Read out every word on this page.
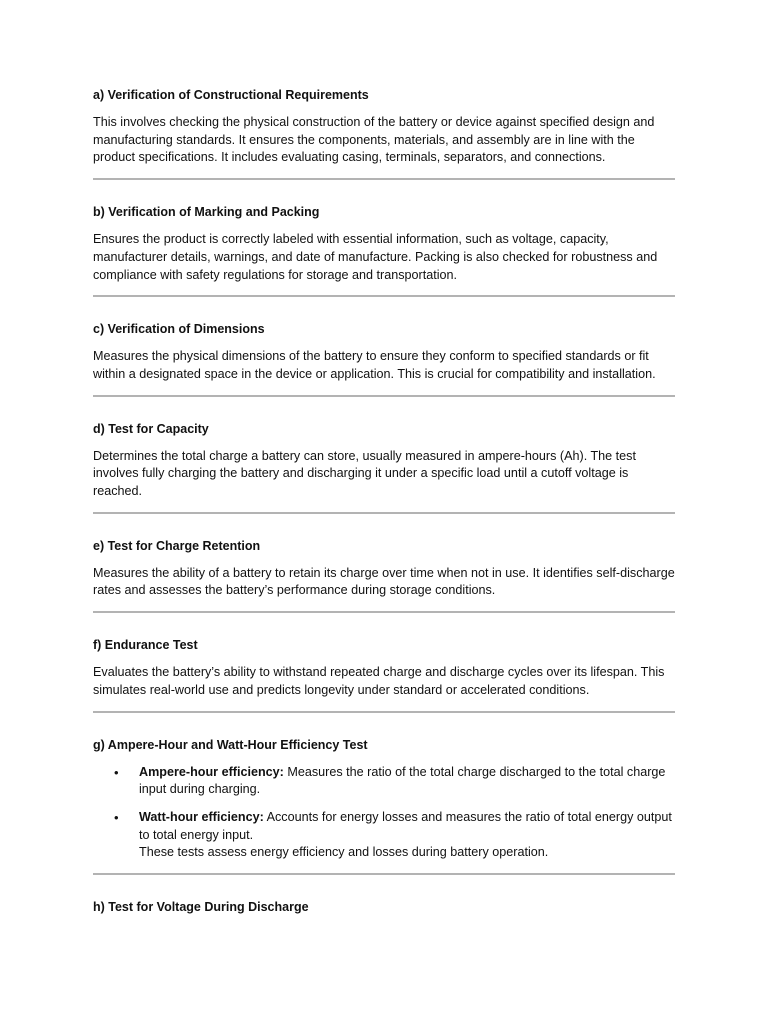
a) Verification of Constructional Requirements

This involves checking the physical construction of the battery or device against specified design and manufacturing standards. It ensures the components, materials, and assembly are in line with the product specifications. It includes evaluating casing, terminals, separators, and connections.

b) Verification of Marking and Packing

Ensures the product is correctly labeled with essential information, such as voltage, capacity, manufacturer details, warnings, and date of manufacture. Packing is also checked for robustness and compliance with safety regulations for storage and transportation.

c) Verification of Dimensions

Measures the physical dimensions of the battery to ensure they conform to specified standards or fit within a designated space in the device or application. This is crucial for compatibility and installation.

d) Test for Capacity

Determines the total charge a battery can store, usually measured in ampere-hours (Ah). The test involves fully charging the battery and discharging it under a specific load until a cutoff voltage is reached.

e) Test for Charge Retention

Measures the ability of a battery to retain its charge over time when not in use. It identifies self-discharge rates and assesses the battery’s performance during storage conditions.

f) Endurance Test

Evaluates the battery’s ability to withstand repeated charge and discharge cycles over its lifespan. This simulates real-world use and predicts longevity under standard or accelerated conditions.

g) Ampere-Hour and Watt-Hour Efficiency Test
• Ampere-hour efficiency: Measures the ratio of the total charge discharged to the total charge input during charging.
• Watt-hour efficiency: Accounts for energy losses and measures the ratio of total energy output to total energy input.
These tests assess energy efficiency and losses during battery operation.
h) Test for Voltage During Discharge
